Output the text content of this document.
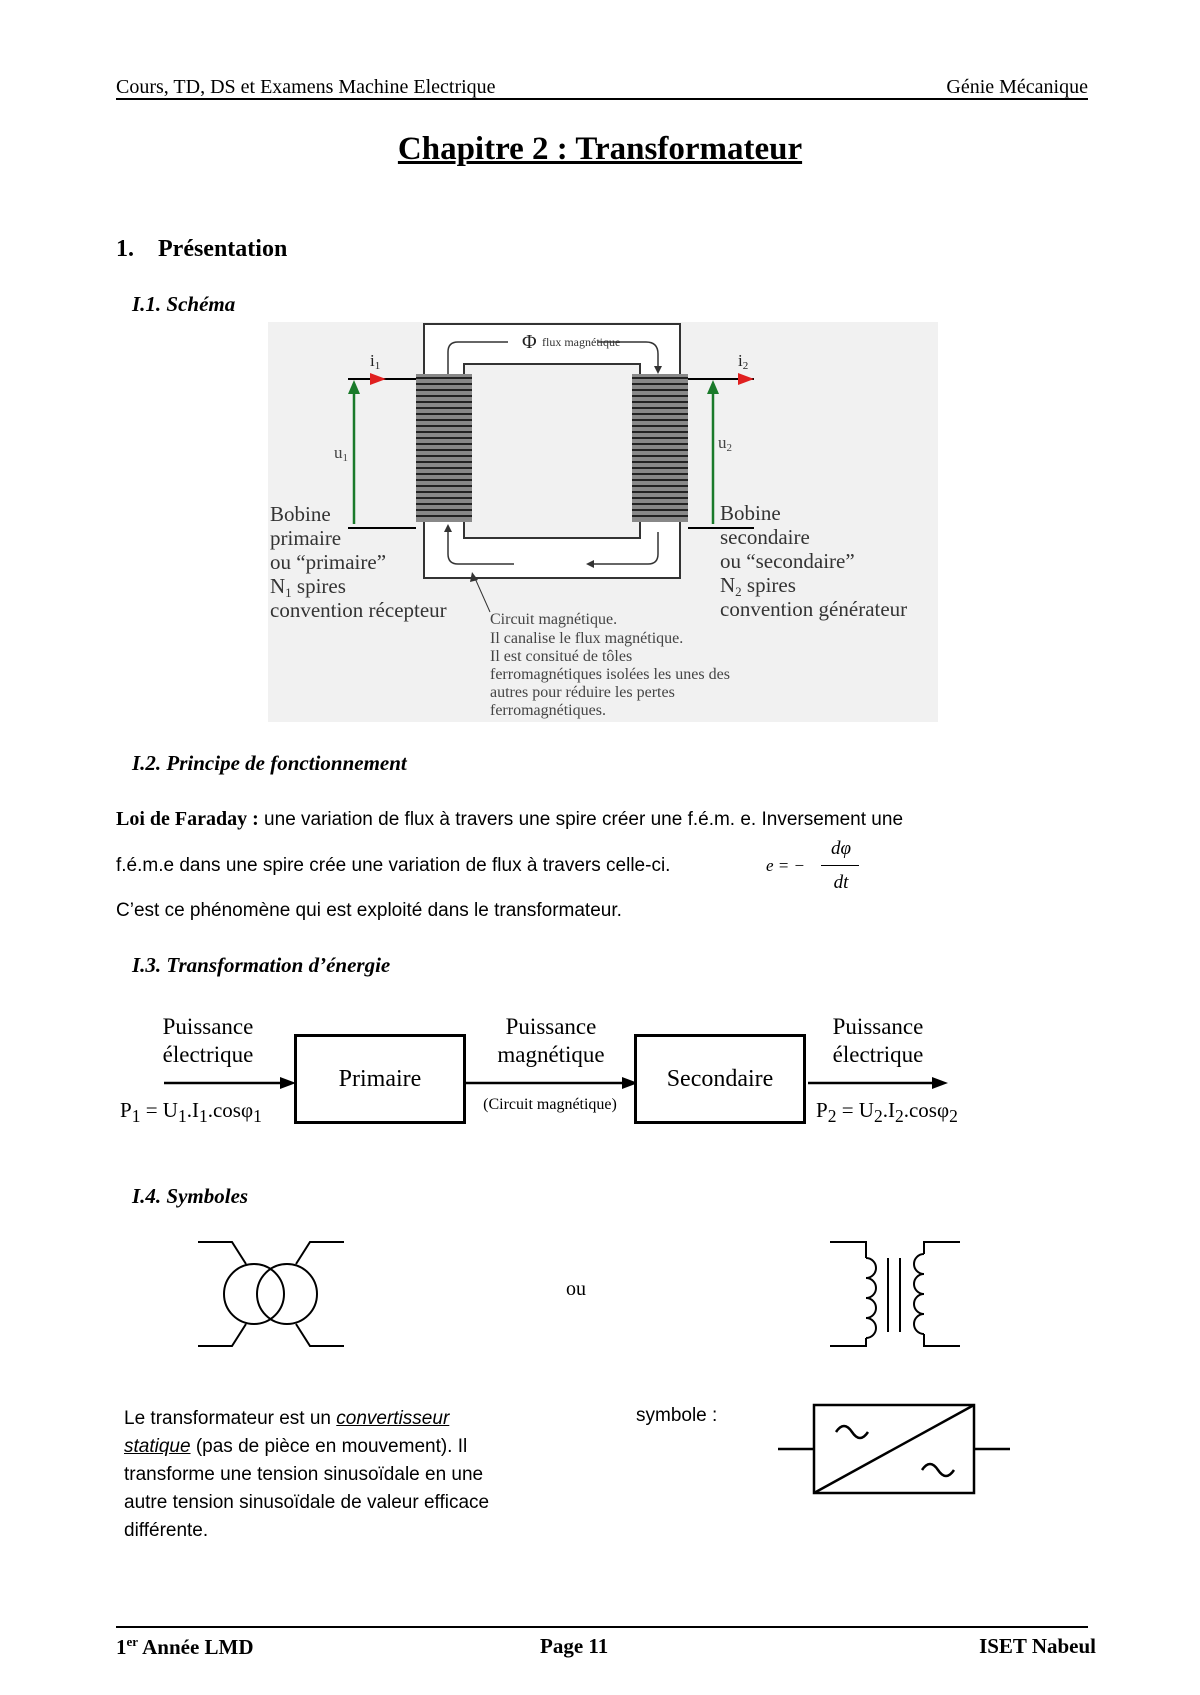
Cours, TD, DS et Examens Machine Electrique	Génie Mécanique
Chapitre 2 : Transformateur
1. Présentation
I.1. Schéma
i1	i2
u1
u2
Φ flux magnétique
Bobine
primaire
ou “primaire”
N1 spires
convention récepteur
Bobine
secondaire
ou “secondaire”
N2 spires
convention générateur
Circuit magnétique.
Il canalise le flux magnétique.
Il est consitué de tôles
ferromagnétiques isolées les unes des
autres pour réduire les pertes
ferromagnétiques.
I.2. Principe de fonctionnement
Loi de Faraday : une variation de flux à travers une spire créer une f.é.m. e. Inversement une
f.é.m.e dans une spire crée une variation de flux à travers celle-ci.	e = −
dφ
dt
C’est ce phénomène qui est exploité dans le transformateur.
I.3. Transformation d’énergie
Puissance
électrique
Puissance
magnétique
Puissance
électrique
Primaire	Secondaire
(Circuit magnétique)
$P_1 = U_1.I_1.\cos\varphi_1$	$P_2 = U_2.I_2.\cos\varphi_2$
I.4. Symboles
ou
Le transformateur est un convertisseur
statique (pas de pièce en mouvement). Il
transforme une tension sinusoïdale en une
autre tension sinusoïdale de valeur efficace
différente.
symbole :
1er Année LMD	Page 11	ISET Nabeul
